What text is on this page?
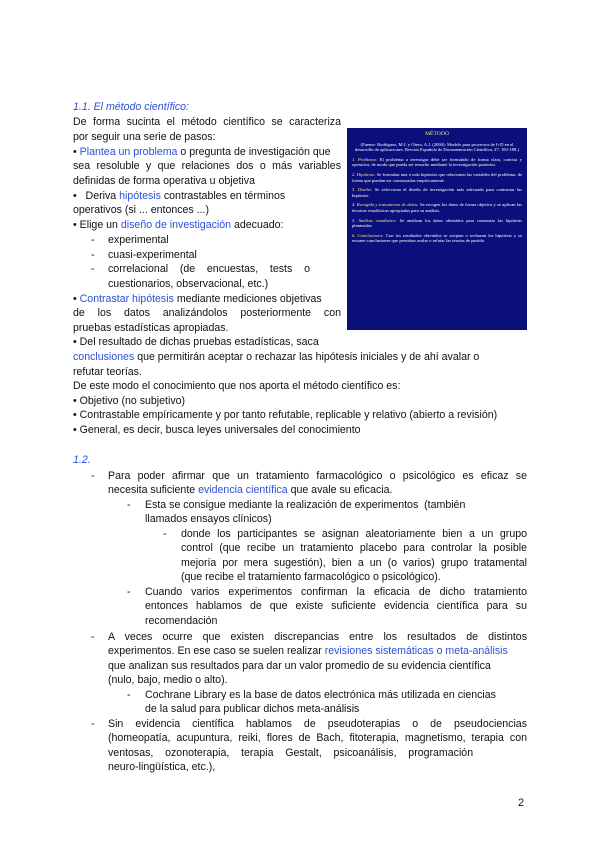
1.1. El método científico:
De forma sucinta el método científico se caracteriza
por seguir una serie de pasos:
• Plantea un problema o pregunta de investigación que
sea resoluble y que relaciones dos o más variables
definidas de forma operativa u objetiva
•   Deriva hipótesis contrastables en términos
operativos (si ... entonces ...)
• Elige un diseño de investigación adecuado:
- experimental
- cuasi-experimental
- correlacional    (de    encuestas,    tests    o
cuestionarios, observacional, etc.)
• Contrastar hipótesis mediante mediciones objetivas
de los datos analizándolos posteriormente con
pruebas estadísticas apropiadas.
• Del resultado de dichas pruebas estadísticas, saca
conclusiones que permitirán aceptar o rechazar las hipótesis iniciales y de ahí avalar o
refutar teorías.
De este modo el conocimiento que nos aporta el método científico es:
• Objetivo (no subjetivo)
• Contrastable empíricamente y por tanto refutable, replicable y relativo (abierto a revisión)
• General, es decir, busca leyes universales del conocimiento
MÉTODO
(Fuente: Rodríguez, M.J. y Otero, A.J. (2004): Modelo para proyectos de I+D en el desarrollo de aplicaciones. Revista Española de Documentación Científica, 27, 183-188.)
1. Problema: El problema a investigar debe ser formulado de forma clara, concisa y operativa, de modo que pueda ser resuelto mediante la investigación posterior.
2. Hipótesis: Se formulan una o más hipótesis que relacionen las variables del problema, de forma que puedan ser contrastadas empíricamente.
3. Diseño: Se selecciona el diseño de investigación más adecuado para contrastar las hipótesis.
4. Recogida y tratamiento de datos: Se recogen los datos de forma objetiva y se aplican las técnicas estadísticas apropiadas para su análisis.
5. Análisis estadístico: Se analizan los datos obtenidos para contrastar las hipótesis planteadas.
6. Conclusiones: Con los resultados obtenidos se aceptan o rechazan las hipótesis y se extraen conclusiones que permitan avalar o refutar las teorías de partida.
1.2.
- Para poder afirmar que un tratamiento farmacológico o psicológico es eficaz se
necesita suficiente evidencia científica que avale su eficacia.
- Esta se consigue mediante la realización de experimentos  (también
llamados ensayos clínicos)
- donde los participantes se asignan aleatoriamente bien a un grupo
control (que recibe un tratamiento placebo para controlar la posible
mejoría por mera sugestión), bien a un (o varios) grupo tratamental
(que recibe el tratamiento farmacológico o psicológico).
- Cuando varios experimentos confirman la eficacia de dicho tratamiento
entonces hablamos de que existe suficiente evidencia científica para su
recomendación
- A veces ocurre que existen discrepancias entre los resultados de distintos
experimentos. En ese caso se suelen realizar revisiones sistemáticas o meta-análisis
que analizan sus resultados para dar un valor promedio de su evidencia científica
(nulo, bajo, medio o alto).
- Cochrane Library es la base de datos electrónica más utilizada en ciencias
de la salud para publicar dichos meta-análisis
- Sin evidencia científica hablamos de pseudoterapias o de pseudociencias
(homeopatía, acupuntura, reiki, flores de Bach, fitoterapia, magnetismo, terapia con
ventosas,    ozonoterapia,    terapia    Gestalt,    psicoanálisis,    programación
neuro-lingüística, etc.),
2
